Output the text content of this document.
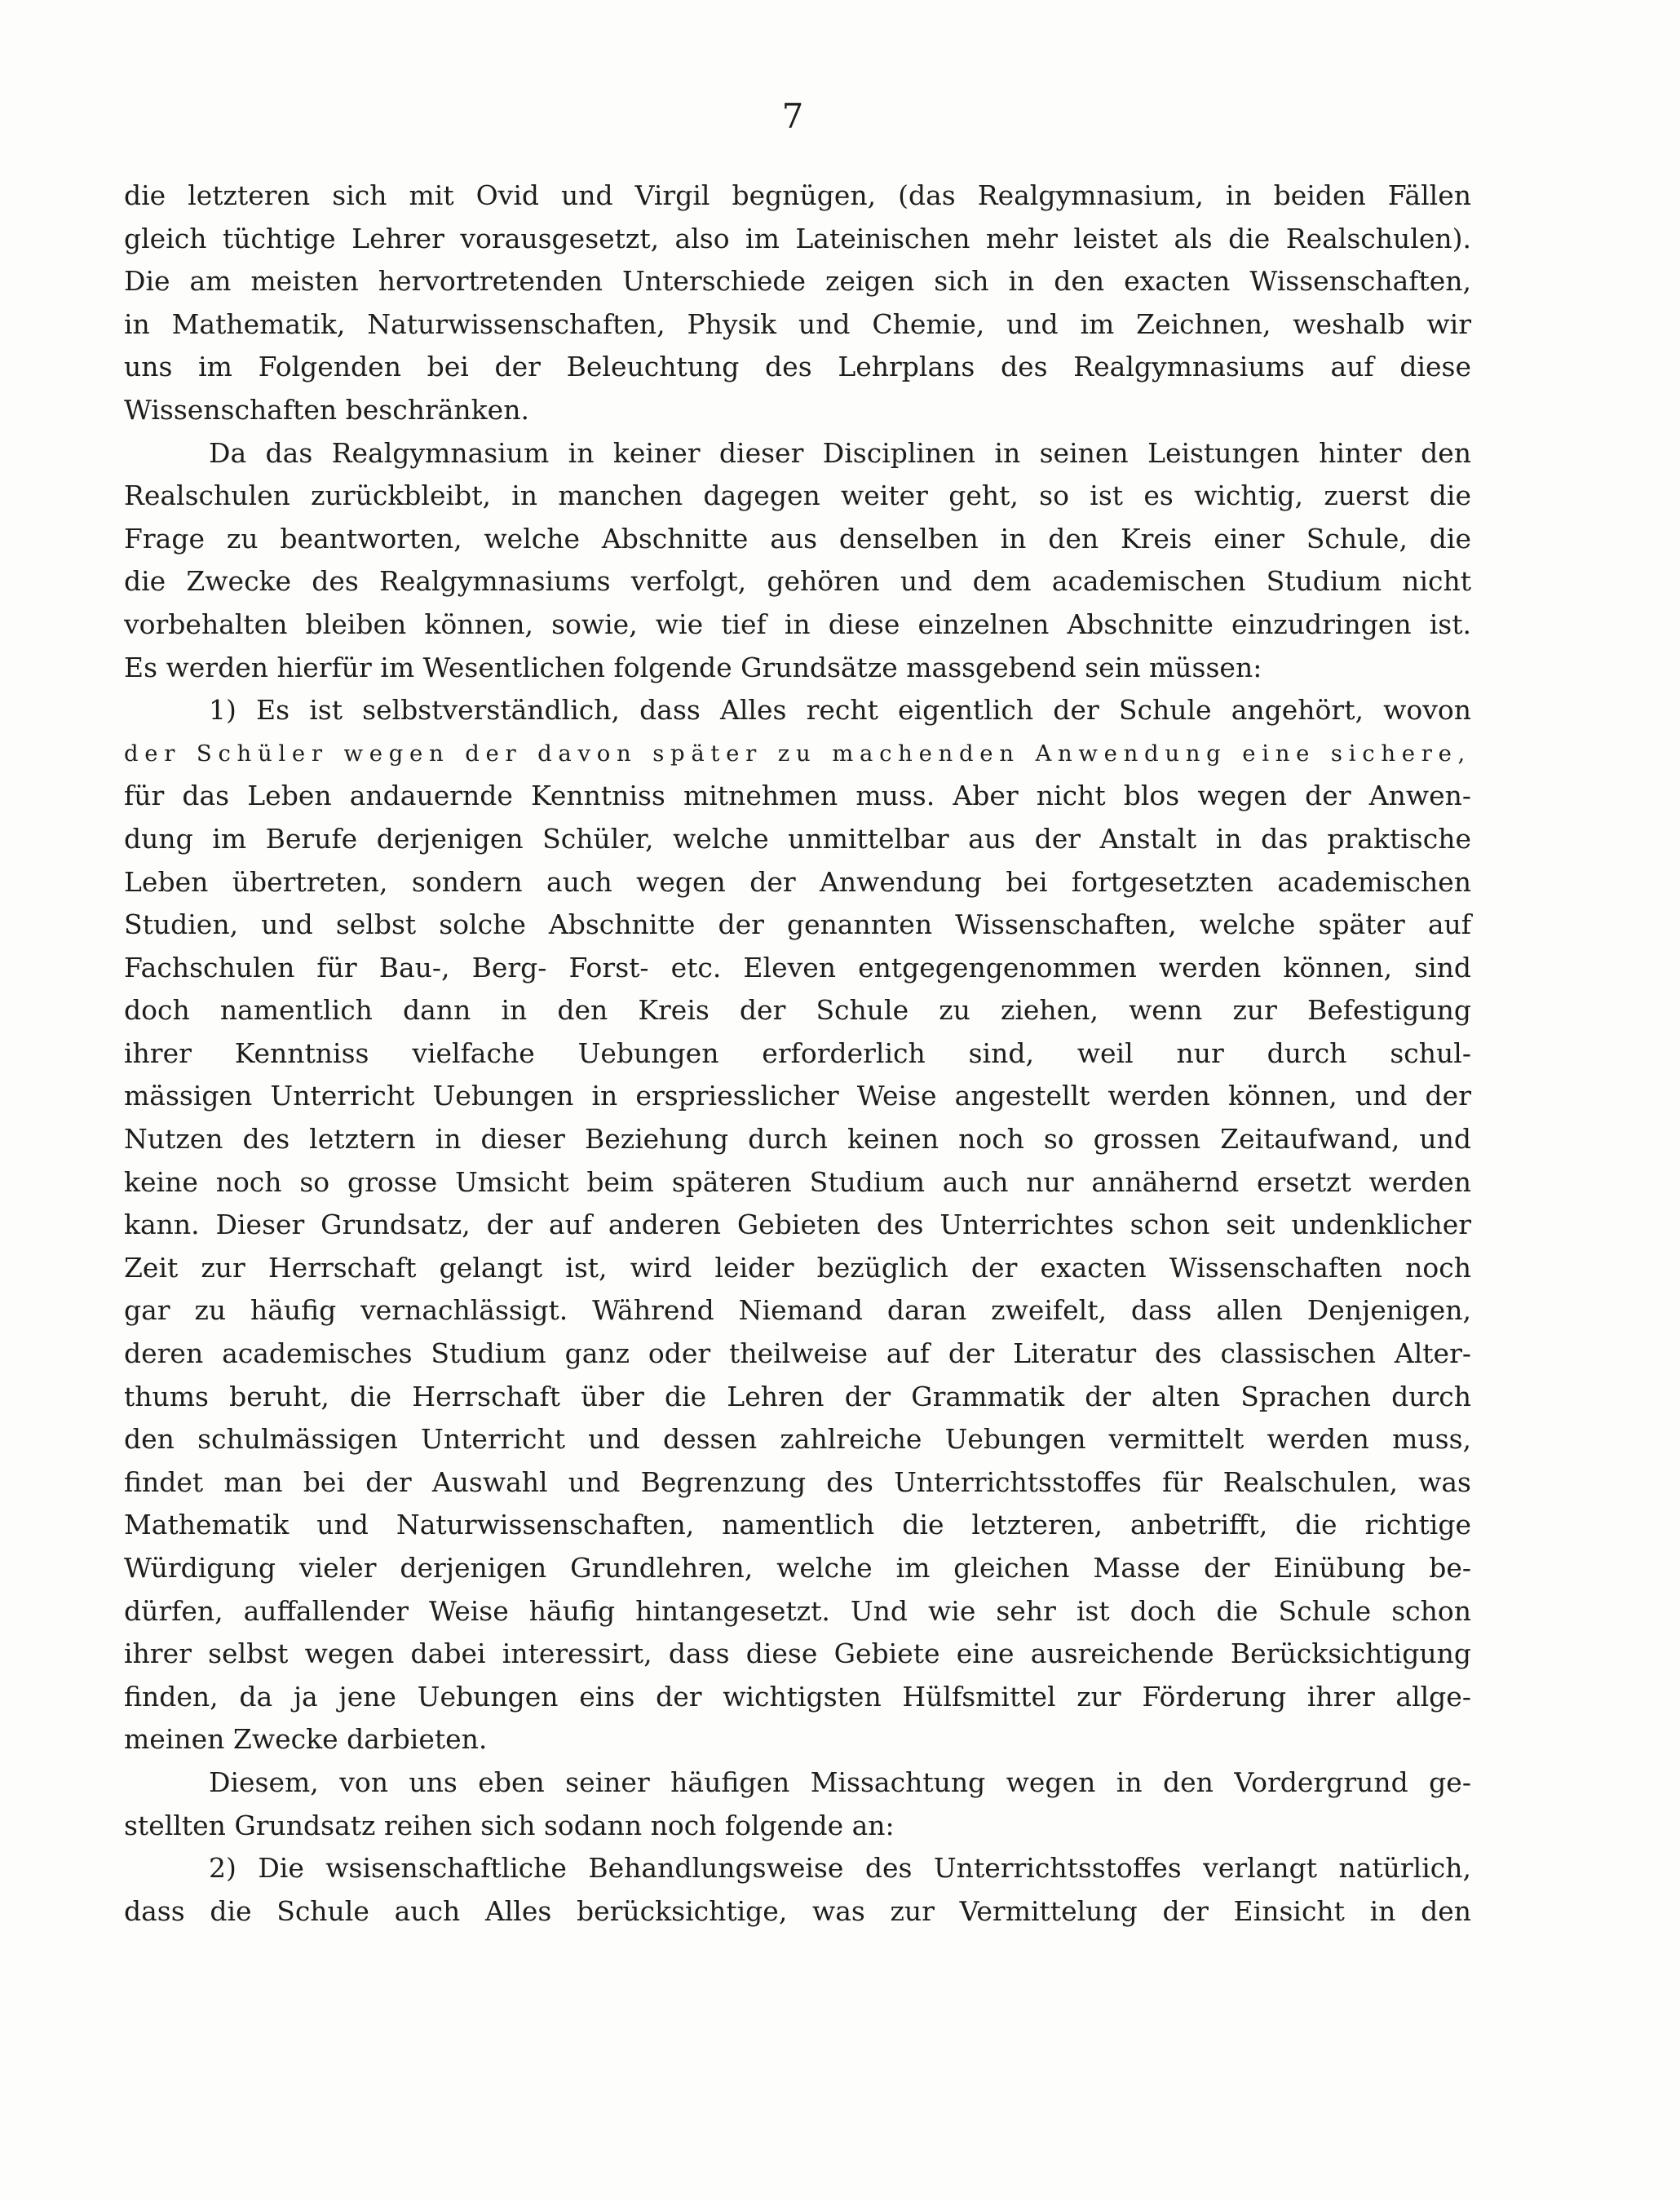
7
die letzteren sich mit Ovid und Virgil begnügen, (das Realgymnasium, in beiden Fällen
gleich tüchtige Lehrer vorausgesetzt, also im Lateinischen mehr leistet als die Realschulen).
Die am meisten hervortretenden Unterschiede zeigen sich in den exacten Wissenschaften,
in Mathematik, Naturwissenschaften, Physik und Chemie, und im Zeichnen, weshalb wir
uns im Folgenden bei der Beleuchtung des Lehrplans des Realgymnasiums auf diese
Wissenschaften beschränken.
Da das Realgymnasium in keiner dieser Disciplinen in seinen Leistungen hinter den
Realschulen zurückbleibt, in manchen dagegen weiter geht, so ist es wichtig, zuerst die
Frage zu beantworten, welche Abschnitte aus denselben in den Kreis einer Schule, die
die Zwecke des Realgymnasiums verfolgt, gehören und dem academischen Studium nicht
vorbehalten bleiben können, sowie, wie tief in diese einzelnen Abschnitte einzudringen ist.
Es werden hierfür im Wesentlichen folgende Grundsätze massgebend sein müssen:
1) Es ist selbstverständlich, dass Alles recht eigentlich der Schule angehört, wovon
der Schüler wegen der davon später zu machenden Anwendung eine sichere,
für das Leben andauernde Kenntniss mitnehmen muss. Aber nicht blos wegen der Anwen-
dung im Berufe derjenigen Schüler, welche unmittelbar aus der Anstalt in das praktische
Leben übertreten, sondern auch wegen der Anwendung bei fortgesetzten academischen
Studien, und selbst solche Abschnitte der genannten Wissenschaften, welche später auf
Fachschulen für Bau-, Berg- Forst- etc. Eleven entgegengenommen werden können, sind
doch namentlich dann in den Kreis der Schule zu ziehen, wenn zur Befestigung
ihrer Kenntniss vielfache Uebungen erforderlich sind, weil nur durch schul-
mässigen Unterricht Uebungen in erspriesslicher Weise angestellt werden können, und der
Nutzen des letztern in dieser Beziehung durch keinen noch so grossen Zeitaufwand, und
keine noch so grosse Umsicht beim späteren Studium auch nur annähernd ersetzt werden
kann. Dieser Grundsatz, der auf anderen Gebieten des Unterrichtes schon seit undenklicher
Zeit zur Herrschaft gelangt ist, wird leider bezüglich der exacten Wissenschaften noch
gar zu häufig vernachlässigt. Während Niemand daran zweifelt, dass allen Denjenigen,
deren academisches Studium ganz oder theilweise auf der Literatur des classischen Alter-
thums beruht, die Herrschaft über die Lehren der Grammatik der alten Sprachen durch
den schulmässigen Unterricht und dessen zahlreiche Uebungen vermittelt werden muss,
findet man bei der Auswahl und Begrenzung des Unterrichtsstoffes für Realschulen, was
Mathematik und Naturwissenschaften, namentlich die letzteren, anbetrifft, die richtige
Würdigung vieler derjenigen Grundlehren, welche im gleichen Masse der Einübung be-
dürfen, auffallender Weise häufig hintangesetzt. Und wie sehr ist doch die Schule schon
ihrer selbst wegen dabei interessirt, dass diese Gebiete eine ausreichende Berücksichtigung
finden, da ja jene Uebungen eins der wichtigsten Hülfsmittel zur Förderung ihrer allge-
meinen Zwecke darbieten.
Diesem, von uns eben seiner häufigen Missachtung wegen in den Vordergrund ge-
stellten Grundsatz reihen sich sodann noch folgende an:
2) Die wsisenschaftliche Behandlungsweise des Unterrichtsstoffes verlangt natürlich,
dass die Schule auch Alles berücksichtige, was zur Vermittelung der Einsicht in den
